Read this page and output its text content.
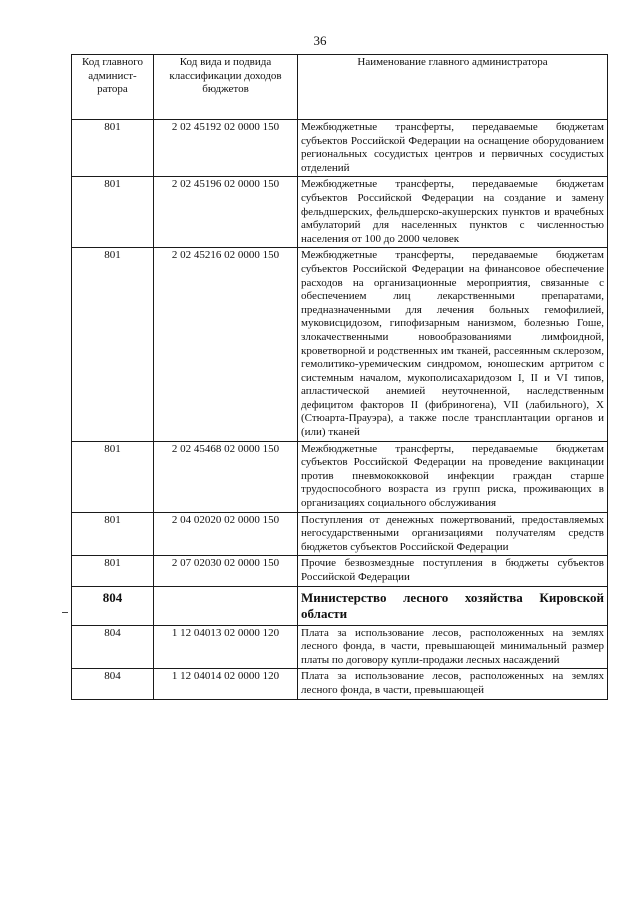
36
Код главного админист-ратора	Код вида и подвида классификации доходов бюджетов	Наименование главного администратора
801	2 02 45192 02 0000 150	Межбюджетные трансферты, передаваемые бюджетам субъектов Российской Федерации на оснащение оборудованием региональных сосудистых центров и первичных сосудистых отделений
801	2 02 45196 02 0000 150	Межбюджетные трансферты, передаваемые бюджетам субъектов Российской Федерации на создание и замену фельдшерских, фельдшерско-акушерских пунктов и врачебных амбулаторий для населенных пунктов с численностью населения от 100 до 2000 человек
801	2 02 45216 02 0000 150	Межбюджетные трансферты, передаваемые бюджетам субъектов Российской Федерации на финансовое обеспечение расходов на организационные мероприятия, связанные с обеспечением лиц лекарственными препаратами, предназначенными для лечения больных гемофилией, муковисцидозом, гипофизарным нанизмом, болезнью Гоше, злокачественными новообразованиями лимфоидной, кроветворной и родственных им тканей, рассеянным склерозом, гемолитико-уремическим синдромом, юношеским артритом с системным началом, мукополисахаридозом I, II и VI типов, апластической анемией неуточненной, наследственным дефицитом факторов II (фибриногена), VII (лабильного), X (Стюарта-Прауэра), а также после трансплантации органов и (или) тканей
801	2 02 45468 02 0000 150	Межбюджетные трансферты, передаваемые бюджетам субъектов Российской Федерации на проведение вакцинации против пневмококковой инфекции граждан старше трудоспособного возраста из групп риска, проживающих в организациях социального обслуживания
801	2 04 02020 02 0000 150	Поступления от денежных пожертвований, предоставляемых негосударственными организациями получателям средств бюджетов субъектов Российской Федерации
801	2 07 02030 02 0000 150	Прочие безвозмездные поступления в бюджеты субъектов Российской Федерации
804		Министерство лесного хозяйства Кировской области
804	1 12 04013 02 0000 120	Плата за использование лесов, расположенных на землях лесного фонда, в части, превышающей минимальный размер платы по договору купли-продажи лесных насаждений
804	1 12 04014 02 0000 120	Плата за использование лесов, расположенных на землях лесного фонда, в части, превышающей
